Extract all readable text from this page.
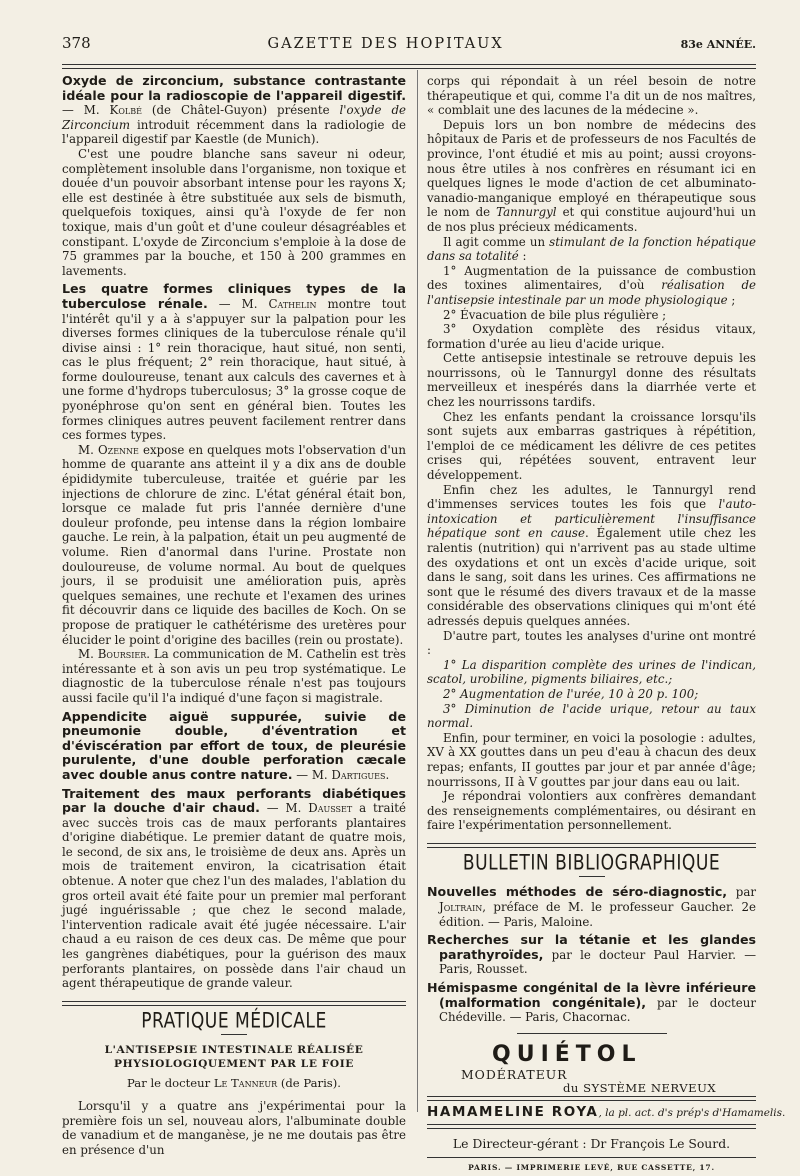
378	GAZETTE DES HOPITAUX	83e ANNÉE.

Oxyde de zirconcium, substance contrastante idéale pour la radioscopie de l'appareil digestif. — M. Kolbé (de Châtel-Guyon) présente l'oxyde de Zirconcium introduit récemment dans la radiologie de l'appareil digestif par Kaestle (de Munich).

C'est une poudre blanche sans saveur ni odeur, complètement insoluble dans l'organisme, non toxique et douée d'un pouvoir absorbant intense pour les rayons X; elle est destinée à être substituée aux sels de bismuth, quelquefois toxiques, ainsi qu'à l'oxyde de fer non toxique, mais d'un goût et d'une couleur désagréables et constipant. L'oxyde de Zirconcium s'emploie à la dose de 75 grammes par la bouche, et 150 à 200 grammes en lavements.

Les quatre formes cliniques types de la tuberculose rénale. — M. Cathelin montre tout l'intérêt qu'il y a à s'appuyer sur la palpation pour les diverses formes cliniques de la tuberculose rénale qu'il divise ainsi : 1° rein thoracique, haut situé, non senti, cas le plus fréquent; 2° rein thoracique, haut situé, à forme douloureuse, tenant aux calculs des cavernes et à une forme d'hydrops tuberculosus; 3° la grosse coque de pyonéphrose qu'on sent en général bien. Toutes les formes cliniques autres peuvent facilement rentrer dans ces formes types.

M. Ozenne expose en quelques mots l'observation d'un homme de quarante ans atteint il y a dix ans de double épididymite tuberculeuse, traitée et guérie par les injections de chlorure de zinc. L'état général était bon, lorsque ce malade fut pris l'année dernière d'une douleur profonde, peu intense dans la région lombaire gauche. Le rein, à la palpation, était un peu augmenté de volume. Rien d'anormal dans l'urine. Prostate non douloureuse, de volume normal. Au bout de quelques jours, il se produisit une amélioration puis, après quelques semaines, une rechute et l'examen des urines fit découvrir dans ce liquide des bacilles de Koch. On se propose de pratiquer le cathétérisme des uretères pour élucider le point d'origine des bacilles (rein ou prostate).

M. Boursier. La communication de M. Cathelin est très intéressante et à son avis un peu trop systématique. Le diagnostic de la tuberculose rénale n'est pas toujours aussi facile qu'il l'a indiqué d'une façon si magistrale.

Appendicite aiguë suppurée, suivie de pneumonie double, d'éventration et d'éviscération par effort de toux, de pleurésie purulente, d'une double perforation cæcale avec double anus contre nature. — M. Dartigues.

Traitement des maux perforants diabétiques par la douche d'air chaud. — M. Dausset a traité avec succès trois cas de maux perforants plantaires d'origine diabétique. Le premier datant de quatre mois, le second, de six ans, le troisième de deux ans. Après un mois de traitement environ, la cicatrisation était obtenue. A noter que chez l'un des malades, l'ablation du gros orteil avait été faite pour un premier mal perforant jugé inguérissable ; que chez le second malade, l'intervention radicale avait été jugée nécessaire. L'air chaud a eu raison de ces deux cas. De même que pour les gangrènes diabétiques, pour la guérison des maux perforants plantaires, on possède dans l'air chaud un agent thérapeutique de grande valeur.

PRATIQUE MÉDICALE

L'ANTISEPSIE INTESTINALE RÉALISÉE PHYSIOLOGIQUEMENT PAR LE FOIE

Par le docteur Le Tanneur (de Paris).

Lorsqu'il y a quatre ans j'expérimentai pour la première fois un sel, nouveau alors, l'albuminate double de vanadium et de manganèse, je ne me doutais pas être en présence d'un

corps qui répondait à un réel besoin de notre thérapeutique et qui, comme l'a dit un de nos maîtres, « comblait une des lacunes de la médecine ».

Depuis lors un bon nombre de médecins des hôpitaux de Paris et de professeurs de nos Facultés de province, l'ont étudié et mis au point; aussi croyons-nous être utiles à nos confrères en résumant ici en quelques lignes le mode d'action de cet albuminato-vanadio-manganique employé en thérapeutique sous le nom de Tannurgyl et qui constitue aujourd'hui un de nos plus précieux médicaments.

Il agit comme un stimulant de la fonction hépatique dans sa totalité :

1° Augmentation de la puissance de combustion des toxines alimentaires, d'où réalisation de l'antisepsie intestinale par un mode physiologique ;

2° Évacuation de bile plus régulière ;

3° Oxydation complète des résidus vitaux, formation d'urée au lieu d'acide urique.

Cette antisepsie intestinale se retrouve depuis les nourrissons, où le Tannurgyl donne des résultats merveilleux et inespérés dans la diarrhée verte et chez les nourrissons tardifs.

Chez les enfants pendant la croissance lorsqu'ils sont sujets aux embarras gastriques à répétition, l'emploi de ce médicament les délivre de ces petites crises qui, répétées souvent, entravent leur développement.

Enfin chez les adultes, le Tannurgyl rend d'immenses services toutes les fois que l'auto-intoxication et particulièrement l'insuffisance hépatique sont en cause. Également utile chez les ralentis (nutrition) qui n'arrivent pas au stade ultime des oxydations et ont un excès d'acide urique, soit dans le sang, soit dans les urines. Ces affirmations ne sont que le résumé des divers travaux et de la masse considérable des observations cliniques qui m'ont été adressés depuis quelques années.

D'autre part, toutes les analyses d'urine ont montré :

1° La disparition complète des urines de l'indican, scatol, urobiline, pigments biliaires, etc.;

2° Augmentation de l'urée, 10 à 20 p. 100;

3° Diminution de l'acide urique, retour au taux normal.

Enfin, pour terminer, en voici la posologie : adultes, XV à XX gouttes dans un peu d'eau à chacun des deux repas; enfants, II gouttes par jour et par année d'âge; nourrissons, II à V gouttes par jour dans eau ou lait.

Je répondrai volontiers aux confrères demandant des renseignements complémentaires, ou désirant en faire l'expérimentation personnellement.

BULLETIN BIBLIOGRAPHIQUE

Nouvelles méthodes de séro-diagnostic, par Joltrain, préface de M. le professeur Gaucher. 2e édition. — Paris, Maloine.

Recherches sur la tétanie et les glandes parathyroïdes, par le docteur Paul Harvier. — Paris, Rousset.

Hémispasme congénital de la lèvre inférieure (malformation congénitale), par le docteur Chédeville. — Paris, Chacornac.

QUIÉTOL
MODÉRATEUR
du SYSTÈME NERVEUX
HAMAMELINE ROYA, la pl. act. d's prép's d'Hamamelis.

Le Directeur-gérant : Dr François Le Sourd.

PARIS. — IMPRIMERIE LEVÉ, RUE CASSETTE, 17.
